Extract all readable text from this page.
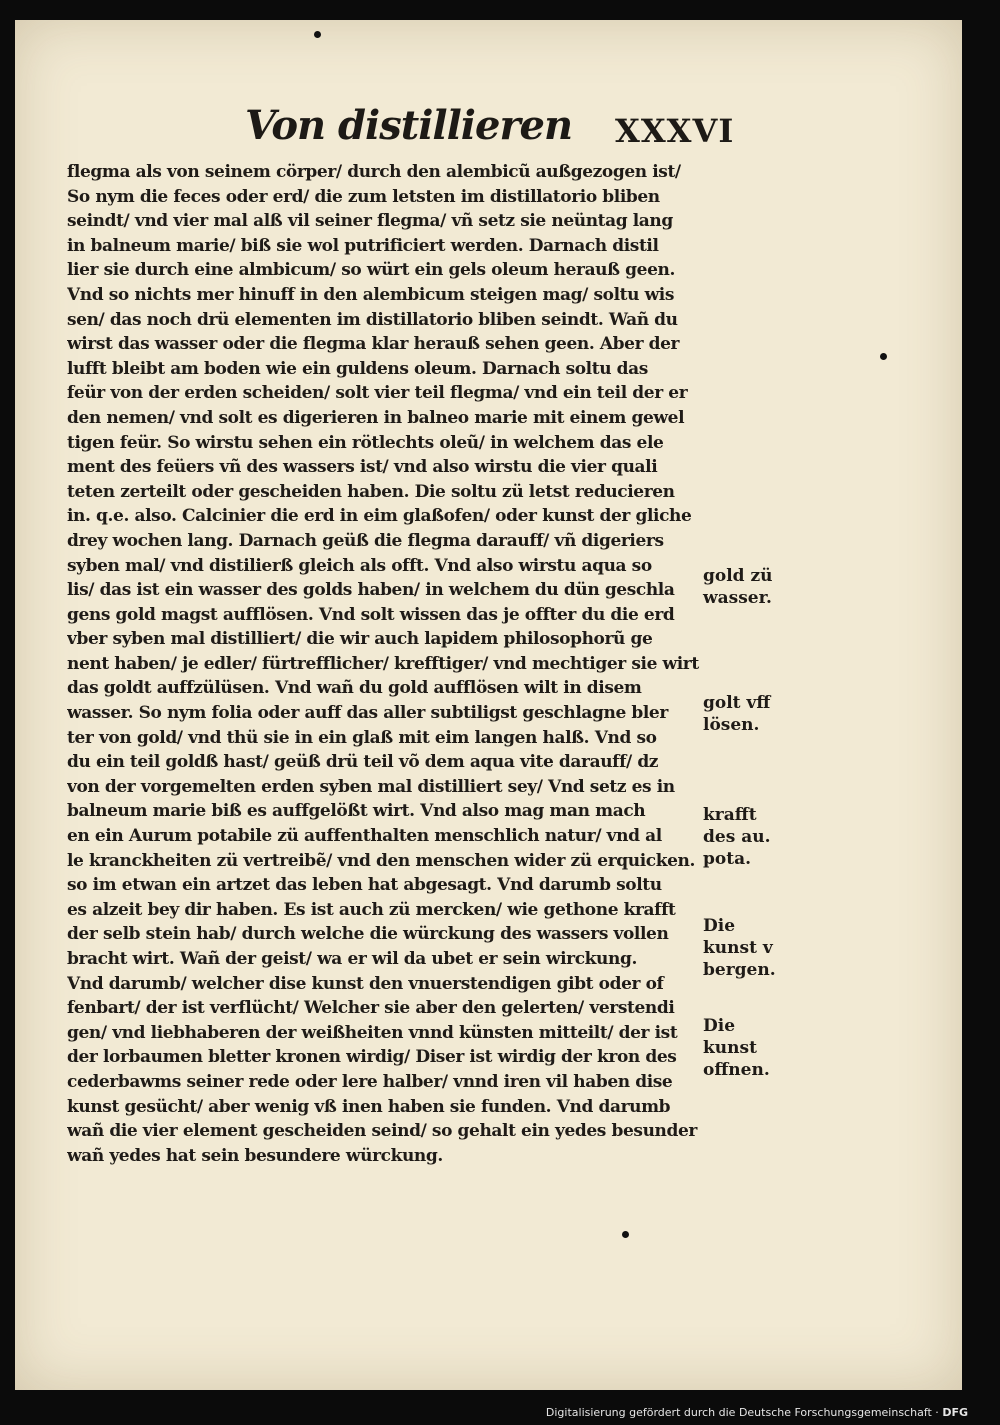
Von distillieren XXXVI
flegma als von seinem cörper/ durch den alembicũ außgezogen ist/
So nym die feces oder erd/ die zum letsten im distillatorio bliben
seindt/ vnd vier mal alß vil seiner flegma/ vñ setz sie neüntag lang
in balneum marie/ biß sie wol putrificiert werden. Darnach distil
lier sie durch eine almbicum/ so würt ein gels oleum herauß geen.
Vnd so nichts mer hinuff in den alembicum steigen mag/ soltu wis
sen/ das noch drü elementen im distillatorio bliben seindt. Wañ du
wirst das wasser oder die flegma klar herauß sehen geen. Aber der
lufft bleibt am boden wie ein guldens oleum. Darnach soltu das
feür von der erden scheiden/ solt vier teil flegma/ vnd ein teil der er
den nemen/ vnd solt es digerieren in balneo marie mit einem gewel
tigen feür. So wirstu sehen ein rötlechts oleũ/ in welchem das ele
ment des feüers vñ des wassers ist/ vnd also wirstu die vier quali
teten zerteilt oder gescheiden haben. Die soltu zü letst reducieren
in. q.e. also. Calcinier die erd in eim glaßofen/ oder kunst der gliche
drey wochen lang. Darnach geüß die flegma darauff/ vñ digeriers
syben mal/ vnd distilierß gleich als offt. Vnd also wirstu aqua so
lis/ das ist ein wasser des golds haben/ in welchem du dün geschla
gens gold magst aufflösen. Vnd solt wissen das je offter du die erd
vber syben mal distilliert/ die wir auch lapidem philosophorũ ge
nent haben/ je edler/ fürtrefflicher/ krefftiger/ vnd mechtiger sie wirt
das goldt auffzülüsen. Vnd wañ du gold aufflösen wilt in disem
wasser. So nym folia oder auff das aller subtiligst geschlagne bler
ter von gold/ vnd thü sie in ein glaß mit eim langen halß. Vnd so
du ein teil goldß hast/ geüß drü teil võ dem aqua vite darauff/ dz
von der vorgemelten erden syben mal distilliert sey/ Vnd setz es in
balneum marie biß es auffgelößt wirt. Vnd also mag man mach
en ein Aurum potabile zü auffenthalten menschlich natur/ vnd al
le kranckheiten zü vertreibẽ/ vnd den menschen wider zü erquicken.
so im etwan ein artzet das leben hat abgesagt. Vnd darumb soltu
es alzeit bey dir haben. Es ist auch zü mercken/ wie gethone krafft
der selb stein hab/ durch welche die würckung des wassers vollen
bracht wirt. Wañ der geist/ wa er wil da ubet er sein wirckung.
Vnd darumb/ welcher dise kunst den vnuerstendigen gibt oder of
fenbart/ der ist verflücht/ Welcher sie aber den gelerten/ verstendi
gen/ vnd liebhaberen der weißheiten vnnd künsten mitteilt/ der ist
der lorbaumen bletter kronen wirdig/ Diser ist wirdig der kron des
cederbawms seiner rede oder lere halber/ vnnd iren vil haben dise
kunst gesücht/ aber wenig vß inen haben sie funden. Vnd darumb
wañ die vier element gescheiden seind/ so gehalt ein yedes besunder
wañ yedes hat sein besundere würckung.
gold zü
wasser.
golt vff
lösen.
krafft
des au.
pota.
Die
kunst v
bergen.
Die
kunst
offnen.
Digitalisierung gefördert durch die Deutsche Forschungsgemeinschaft · DFG
